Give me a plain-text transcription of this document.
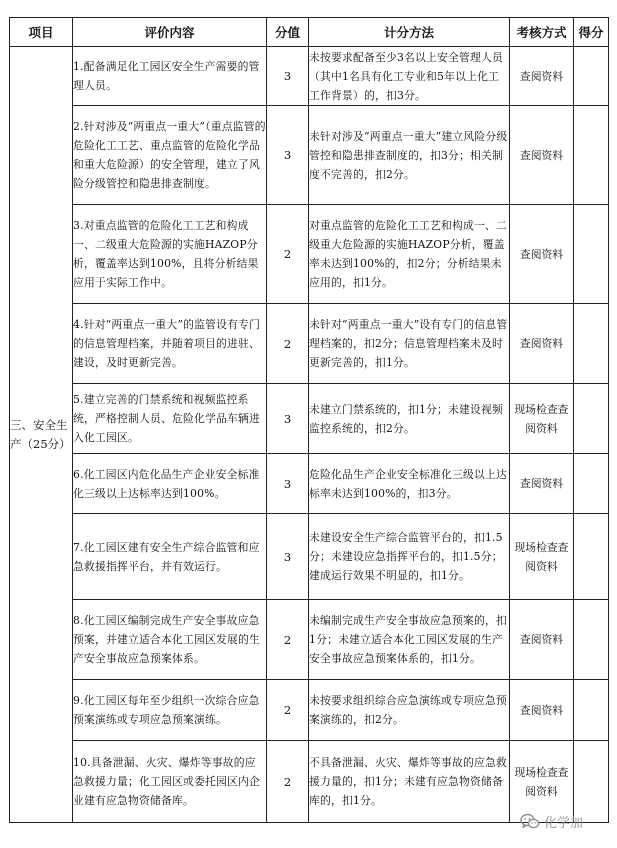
项目	评价内容	分值	计分方法	考核方式	得分
三、安全生产（25分）	1.配备满足化工园区安全生产需要的管理人员。	3	未按要求配备至少3名以上安全管理人员（其中1名具有化工专业和5年以上化工工作背景）的，扣3分。	查阅资料	
	2.针对涉及“两重点一重大”（重点监管的危险化工工艺、重点监管的危险化学品和重大危险源）的安全管理，建立了风险分级管控和隐患排查制度。	3	未针对涉及“两重点一重大”建立风险分级管控和隐患排查制度的，扣3分；相关制度不完善的，扣2分。	查阅资料	
	3.对重点监管的危险化工工艺和构成一、二级重大危险源的实施HAZOP分析，覆盖率达到100%，且将分析结果应用于实际工作中。	2	对重点监管的危险化工工艺和构成一、二级重大危险源的实施HAZOP分析，覆盖率未达到100%的，扣2分；分析结果未应用的，扣1分。	查阅资料	
	4.针对“两重点一重大”的监管设有专门的信息管理档案，并随着项目的进驻、建设，及时更新完善。	2	未针对“两重点一重大”设有专门的信息管理档案的，扣2分；信息管理档案未及时更新完善的，扣1分。	查阅资料	
	5.建立完善的门禁系统和视频监控系统，严格控制人员、危险化学品车辆进入化工园区。	3	未建立门禁系统的，扣1分；未建设视频监控系统的，扣2分。	现场检查查阅资料	
	6.化工园区内危化品生产企业安全标准化三级以上达标率达到100%。	3	危险化品生产企业安全标准化三级以上达标率未达到100%的，扣3分。	查阅资料	
	7.化工园区建有安全生产综合监管和应急救援指挥平台，并有效运行。	3	未建设安全生产综合监管平台的，扣1.5分；未建设应急指挥平台的，扣1.5分；建成运行效果不明显的，扣1分。	现场检查查阅资料	
	8.化工园区编制完成生产安全事故应急预案，并建立适合本化工园区发展的生产安全事故应急预案体系。	2	未编制完成生产安全事故应急预案的，扣1分；未建立适合本化工园区发展的生产安全事故应急预案体系的，扣1分。	查阅资料	
	9.化工园区每年至少组织一次综合应急预案演练或专项应急预案演练。	2	未按要求组织综合应急演练或专项应急预案演练的，扣2分。	查阅资料	
	10.具备泄漏、火灾、爆炸等事故的应急救援力量；化工园区或委托园区内企业建有应急物资储备库。	2	不具备泄漏、火灾、爆炸等事故的应急救援力量的，扣1分；未建有应急物资储备库的，扣1分。	现场检查查阅资料	
化学加
